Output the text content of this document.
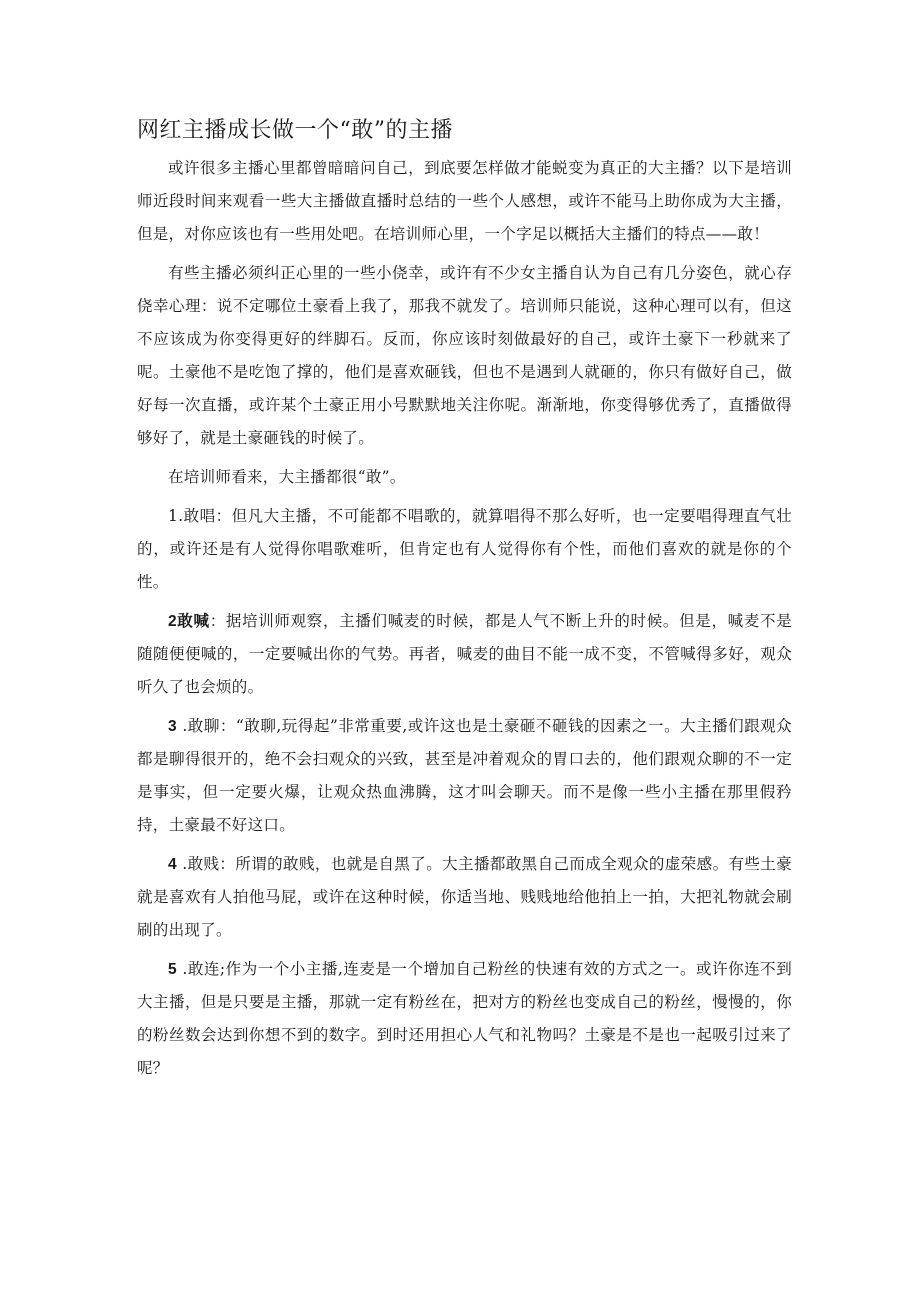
网红主播成长做一个“敢”的主播

或许很多主播心里都曾暗暗问自己，到底要怎样做才能蜕变为真正的大主播？以下是培训师近段时间来观看一些大主播做直播时总结的一些个人感想，或许不能马上助你成为大主播，但是，对你应该也有一些用处吧。在培训师心里，一个字足以概括大主播们的特点——敢！

有些主播必须纠正心里的一些小侥幸，或许有不少女主播自认为自己有几分姿色，就心存侥幸心理：说不定哪位土豪看上我了，那我不就发了。培训师只能说，这种心理可以有，但这不应该成为你变得更好的绊脚石。反而，你应该时刻做最好的自己，或许土豪下一秒就来了呢。土豪他不是吃饱了撑的，他们是喜欢砸钱，但也不是遇到人就砸的，你只有做好自己，做好每一次直播，或许某个土豪正用小号默默地关注你呢。渐渐地，你变得够优秀了，直播做得够好了，就是土豪砸钱的时候了。

在培训师看来，大主播都很“敢”。

1.敢唱：但凡大主播，不可能都不唱歌的，就算唱得不那么好听，也一定要唱得理直气壮的，或许还是有人觉得你唱歌难听，但肯定也有人觉得你有个性，而他们喜欢的就是你的个性。

2敢喊：据培训师观察，主播们喊麦的时候，都是人气不断上升的时候。但是，喊麦不是随随便便喊的，一定要喊出你的气势。再者，喊麦的曲目不能一成不变，不管喊得多好，观众听久了也会烦的。

3 .敢聊：“敢聊,玩得起”非常重要,或许这也是土豪砸不砸钱的因素之一。大主播们跟观众都是聊得很开的，绝不会扫观众的兴致，甚至是冲着观众的胃口去的，他们跟观众聊的不一定是事实，但一定要火爆，让观众热血沸腾，这才叫会聊天。而不是像一些小主播在那里假矜持，土豪最不好这口。

4 .敢贱：所谓的敢贱，也就是自黑了。大主播都敢黑自己而成全观众的虚荣感。有些土豪就是喜欢有人拍他马屁，或许在这种时候，你适当地、贱贱地给他拍上一拍，大把礼物就会刷刷的出现了。

5 .敢连;作为一个小主播,连麦是一个增加自己粉丝的快速有效的方式之一。或许你连不到大主播，但是只要是主播，那就一定有粉丝在，把对方的粉丝也变成自己的粉丝，慢慢的，你的粉丝数会达到你想不到的数字。到时还用担心人气和礼物吗？土豪是不是也一起吸引过来了呢？
